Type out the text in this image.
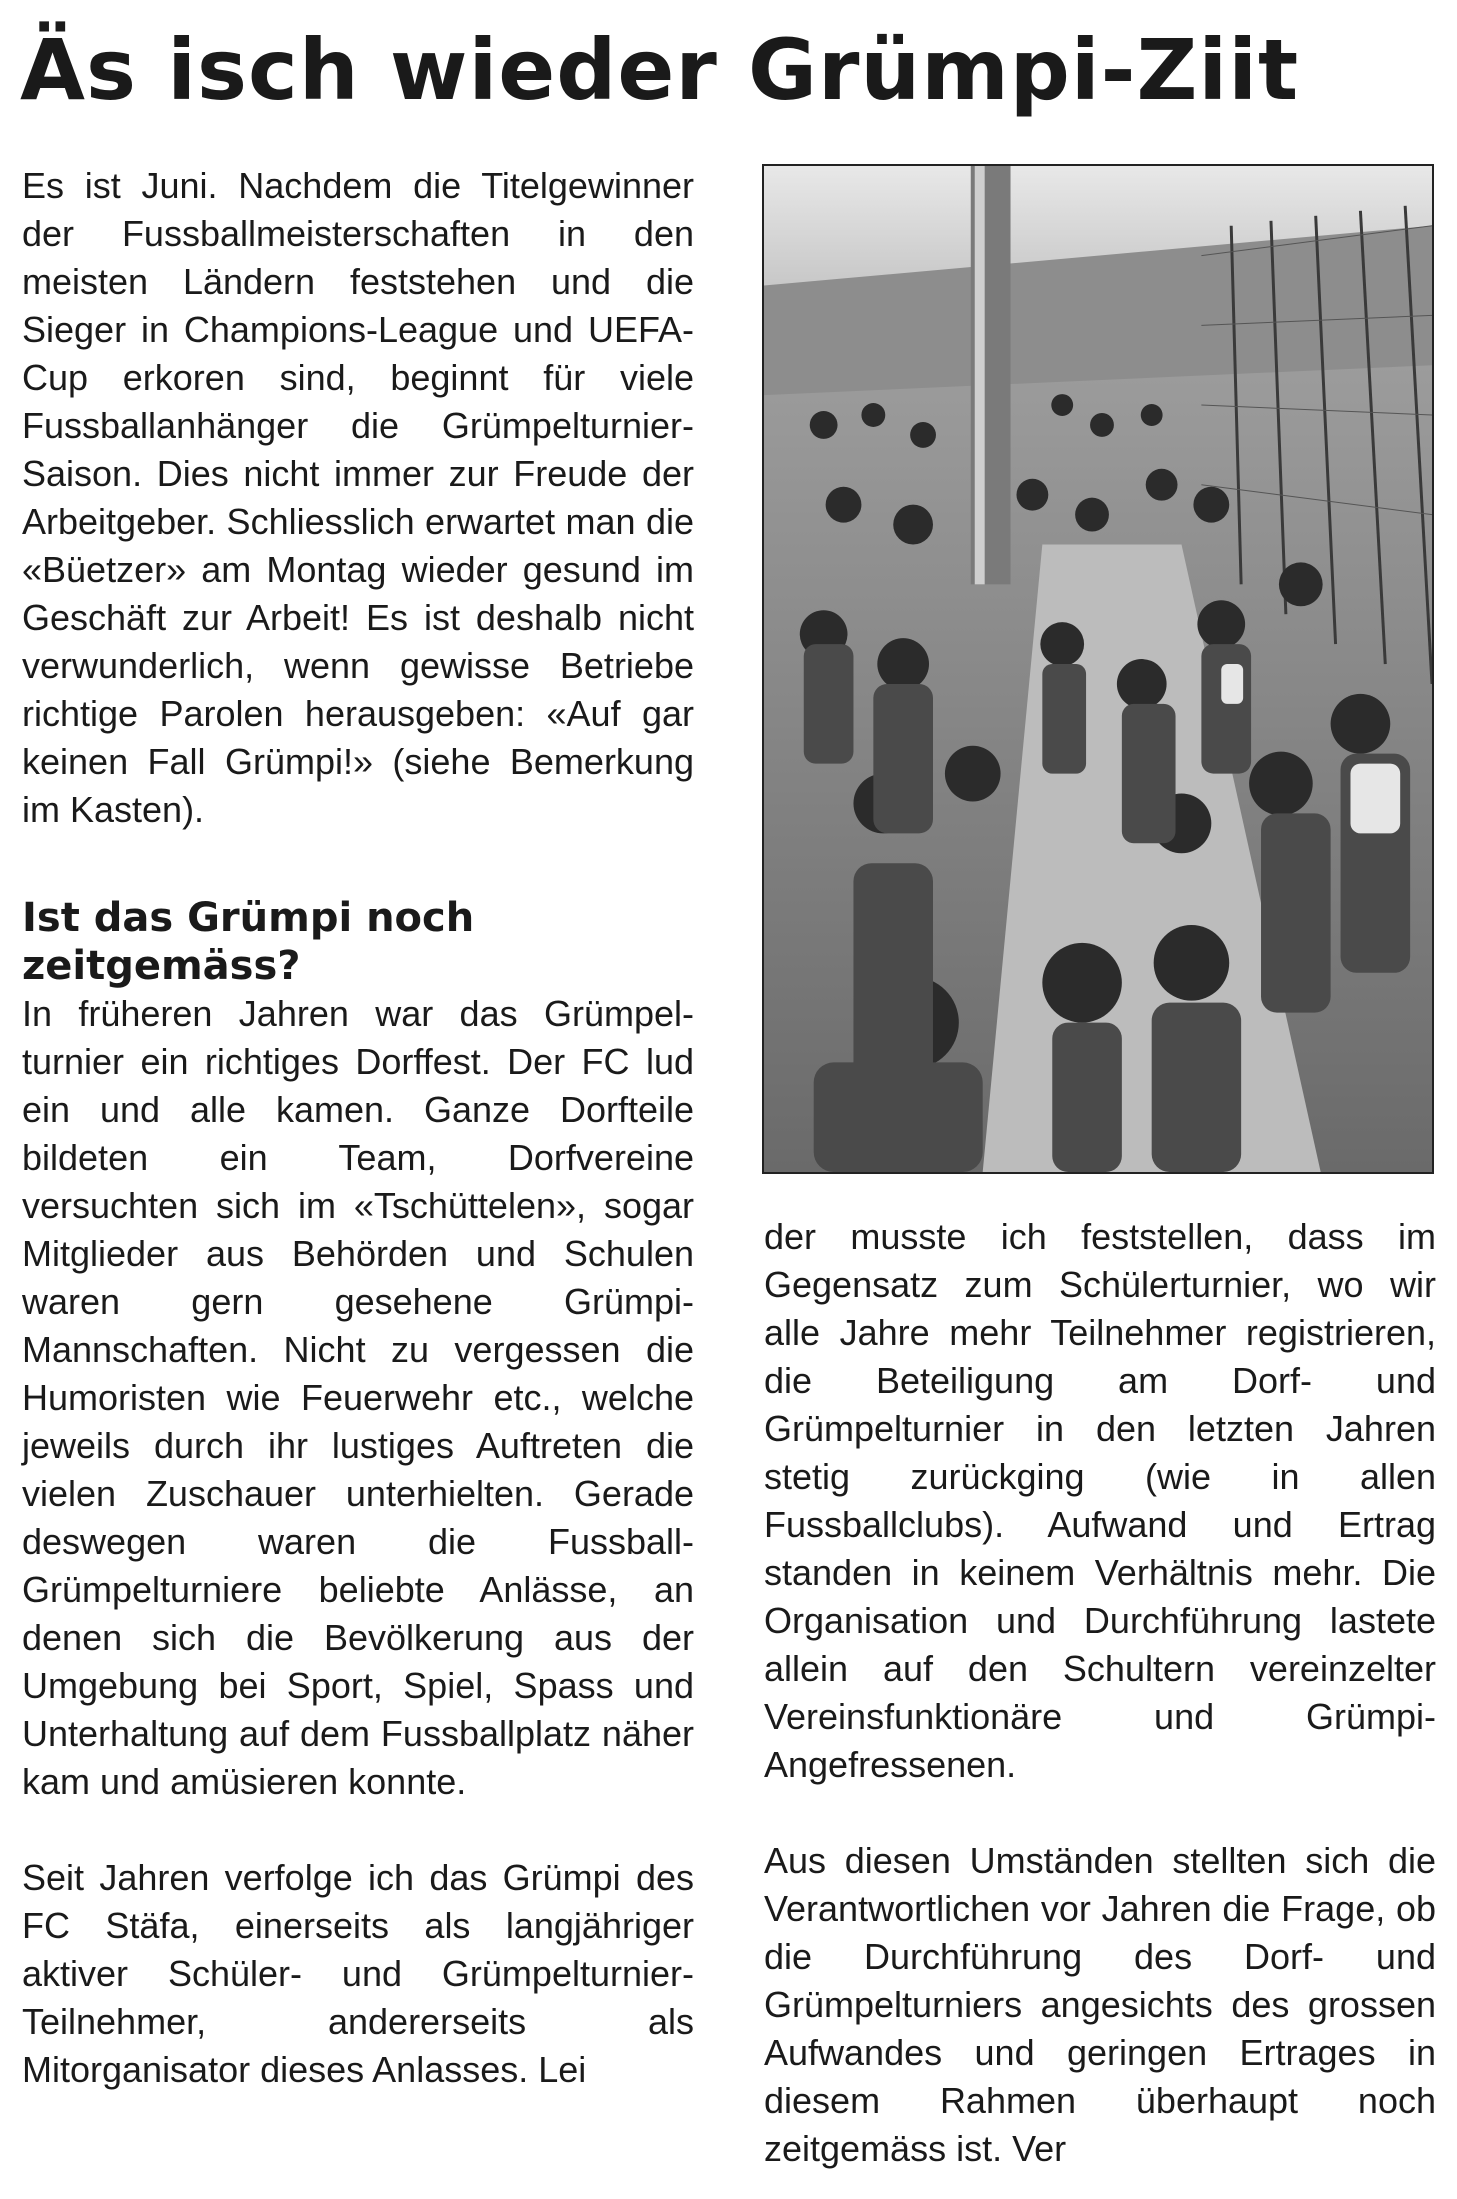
Äs isch wieder Grümpi-Ziit

Es ist Juni. Nachdem die Titelgewinner der Fussballmeisterschaften in den meisten Ländern feststehen und die Sieger in Champions-League und UEFA-Cup erkoren sind, beginnt für viele Fussballanhänger die Grümpelturnier-Saison. Dies nicht immer zur Freude der Arbeitgeber. Schliesslich erwartet man die «Büetzer» am Montag wieder gesund im Geschäft zur Arbeit! Es ist deshalb nicht verwunderlich, wenn gewisse Betriebe richtige Parolen herausgeben: «Auf gar keinen Fall Grümpi!» (siehe Bemerkung im Kasten).

Ist das Grümpi noch zeitgemäss?

In früheren Jahren war das Grümpelturnier ein richtiges Dorffest. Der FC lud ein und alle kamen. Ganze Dorfteile bildeten ein Team, Dorfvereine versuchten sich im «Tschüttelen», sogar Mitglieder aus Behörden und Schulen waren gern gesehene Grümpi-Mannschaften. Nicht zu vergessen die Humoristen wie Feuerwehr etc., welche jeweils durch ihr lustiges Auftreten die vielen Zuschauer unterhielten. Gerade deswegen waren die Fussball-Grümpelturniere beliebte Anlässe, an denen sich die Bevölkerung aus der Umgebung bei Sport, Spiel, Spass und Unterhaltung auf dem Fussballplatz näher kam und amüsieren konnte.

Seit Jahren verfolge ich das Grümpi des FC Stäfa, einerseits als langjähriger aktiver Schüler- und Grümpelturnier-Teilnehmer, andererseits als Mitorganisator dieses Anlasses. Lei

der musste ich feststellen, dass im Gegensatz zum Schülerturnier, wo wir alle Jahre mehr Teilnehmer registrieren, die Beteiligung am Dorf- und Grümpelturnier in den letzten Jahren stetig zurückging (wie in allen Fussballclubs). Aufwand und Ertrag standen in keinem Verhältnis mehr. Die Organisation und Durchführung lastete allein auf den Schultern vereinzelter Vereinsfunktionäre und Grümpi-Angefressenen.

Aus diesen Umständen stellten sich die Verantwortlichen vor Jahren die Frage, ob die Durchführung des Dorf- und Grümpelturniers angesichts des grossen Aufwandes und geringen Ertrages in diesem Rahmen überhaupt noch zeitgemäss ist. Ver
